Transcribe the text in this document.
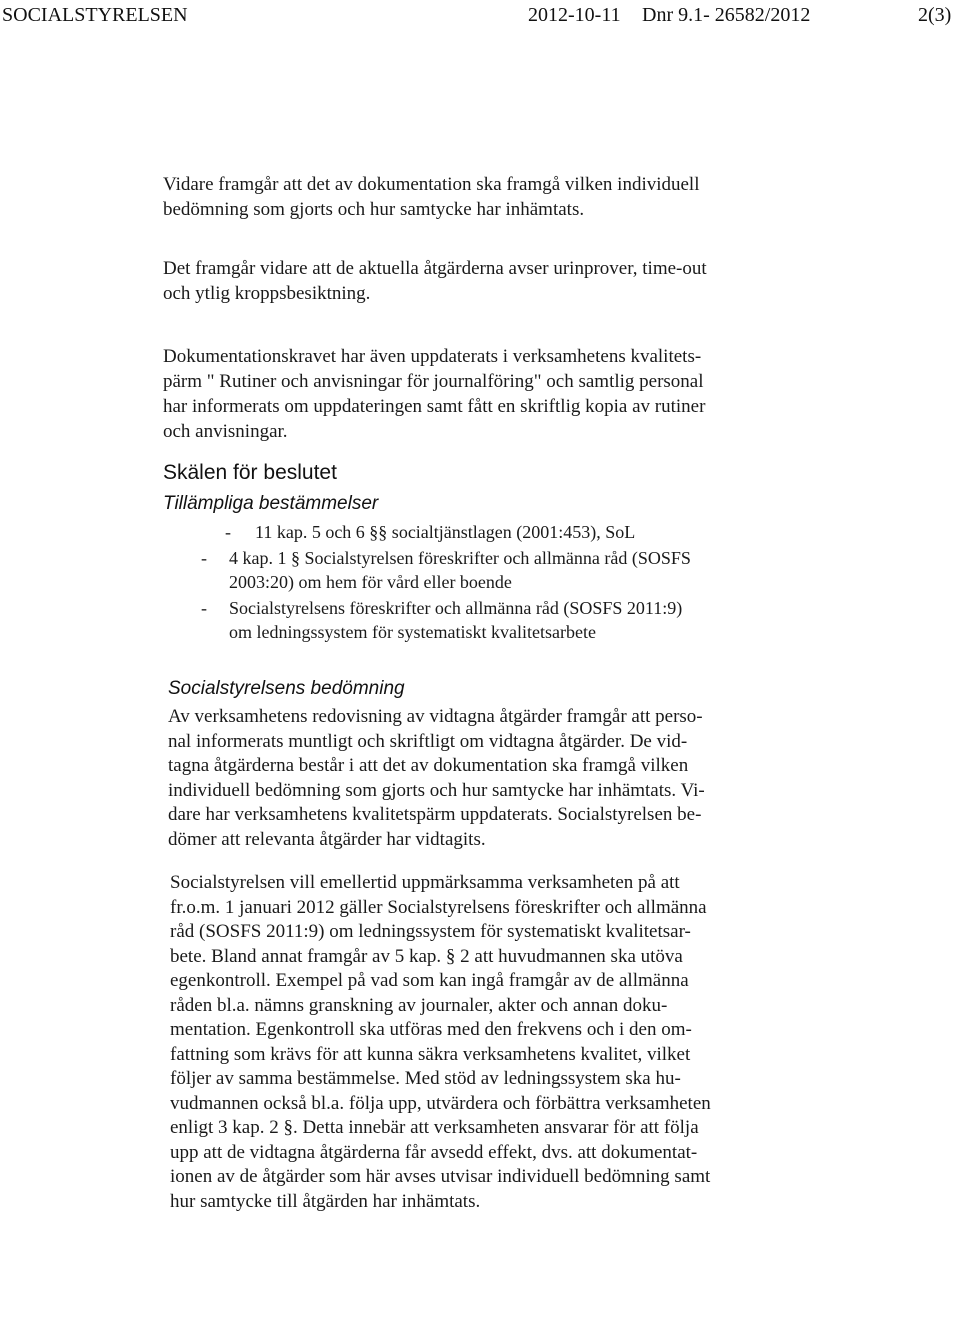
SOCIALSTYRELSEN	2012-10-11 Dnr 9.1- 26582/2012	2(3)
Vidare framgår att det av dokumentation ska framgå vilken individuell
bedömning som gjorts och hur samtycke har inhämtats.
Det framgår vidare att de aktuella åtgärderna avser urinprover, time-out
och ytlig kroppsbesiktning.
Dokumentationskravet har även uppdaterats i verksamhetens kvalitets-
pärm " Rutiner och anvisningar för journalföring" och samtlig personal
har informerats om uppdateringen samt fått en skriftlig kopia av rutiner
och anvisningar.
Skälen för beslutet
Tillämpliga bestämmelser
- 11 kap. 5 och 6 §§ socialtjänstlagen (2001:453), SoL
- 4 kap. 1 § Socialstyrelsen föreskrifter och allmänna råd (SOSFS
2003:20) om hem för vård eller boende
- Socialstyrelsens föreskrifter och allmänna råd (SOSFS 2011:9)
om ledningssystem för systematiskt kvalitetsarbete
Socialstyrelsens bedömning
Av verksamhetens redovisning av vidtagna åtgärder framgår att perso-
nal informerats muntligt och skriftligt om vidtagna åtgärder. De vid-
tagna åtgärderna består i att det av dokumentation ska framgå vilken
individuell bedömning som gjorts och hur samtycke har inhämtats. Vi-
dare har verksamhetens kvalitetspärm uppdaterats. Socialstyrelsen be-
dömer att relevanta åtgärder har vidtagits.
Socialstyrelsen vill emellertid uppmärksamma verksamheten på att
fr.o.m. 1 januari 2012 gäller Socialstyrelsens föreskrifter och allmänna
råd (SOSFS 2011:9) om ledningssystem för systematiskt kvalitetsar-
bete. Bland annat framgår av 5 kap. § 2 att huvudmannen ska utöva
egenkontroll. Exempel på vad som kan ingå framgår av de allmänna
råden bl.a. nämns granskning av journaler, akter och annan doku-
mentation. Egenkontroll ska utföras med den frekvens och i den om-
fattning som krävs för att kunna säkra verksamhetens kvalitet, vilket
följer av samma bestämmelse. Med stöd av ledningssystem ska hu-
vudmannen också bl.a. följa upp, utvärdera och förbättra verksamheten
enligt 3 kap. 2 §. Detta innebär att verksamheten ansvarar för att följa
upp att de vidtagna åtgärderna får avsedd effekt, dvs. att dokumentat-
ionen av de åtgärder som här avses utvisar individuell bedömning samt
hur samtycke till åtgärden har inhämtats.
